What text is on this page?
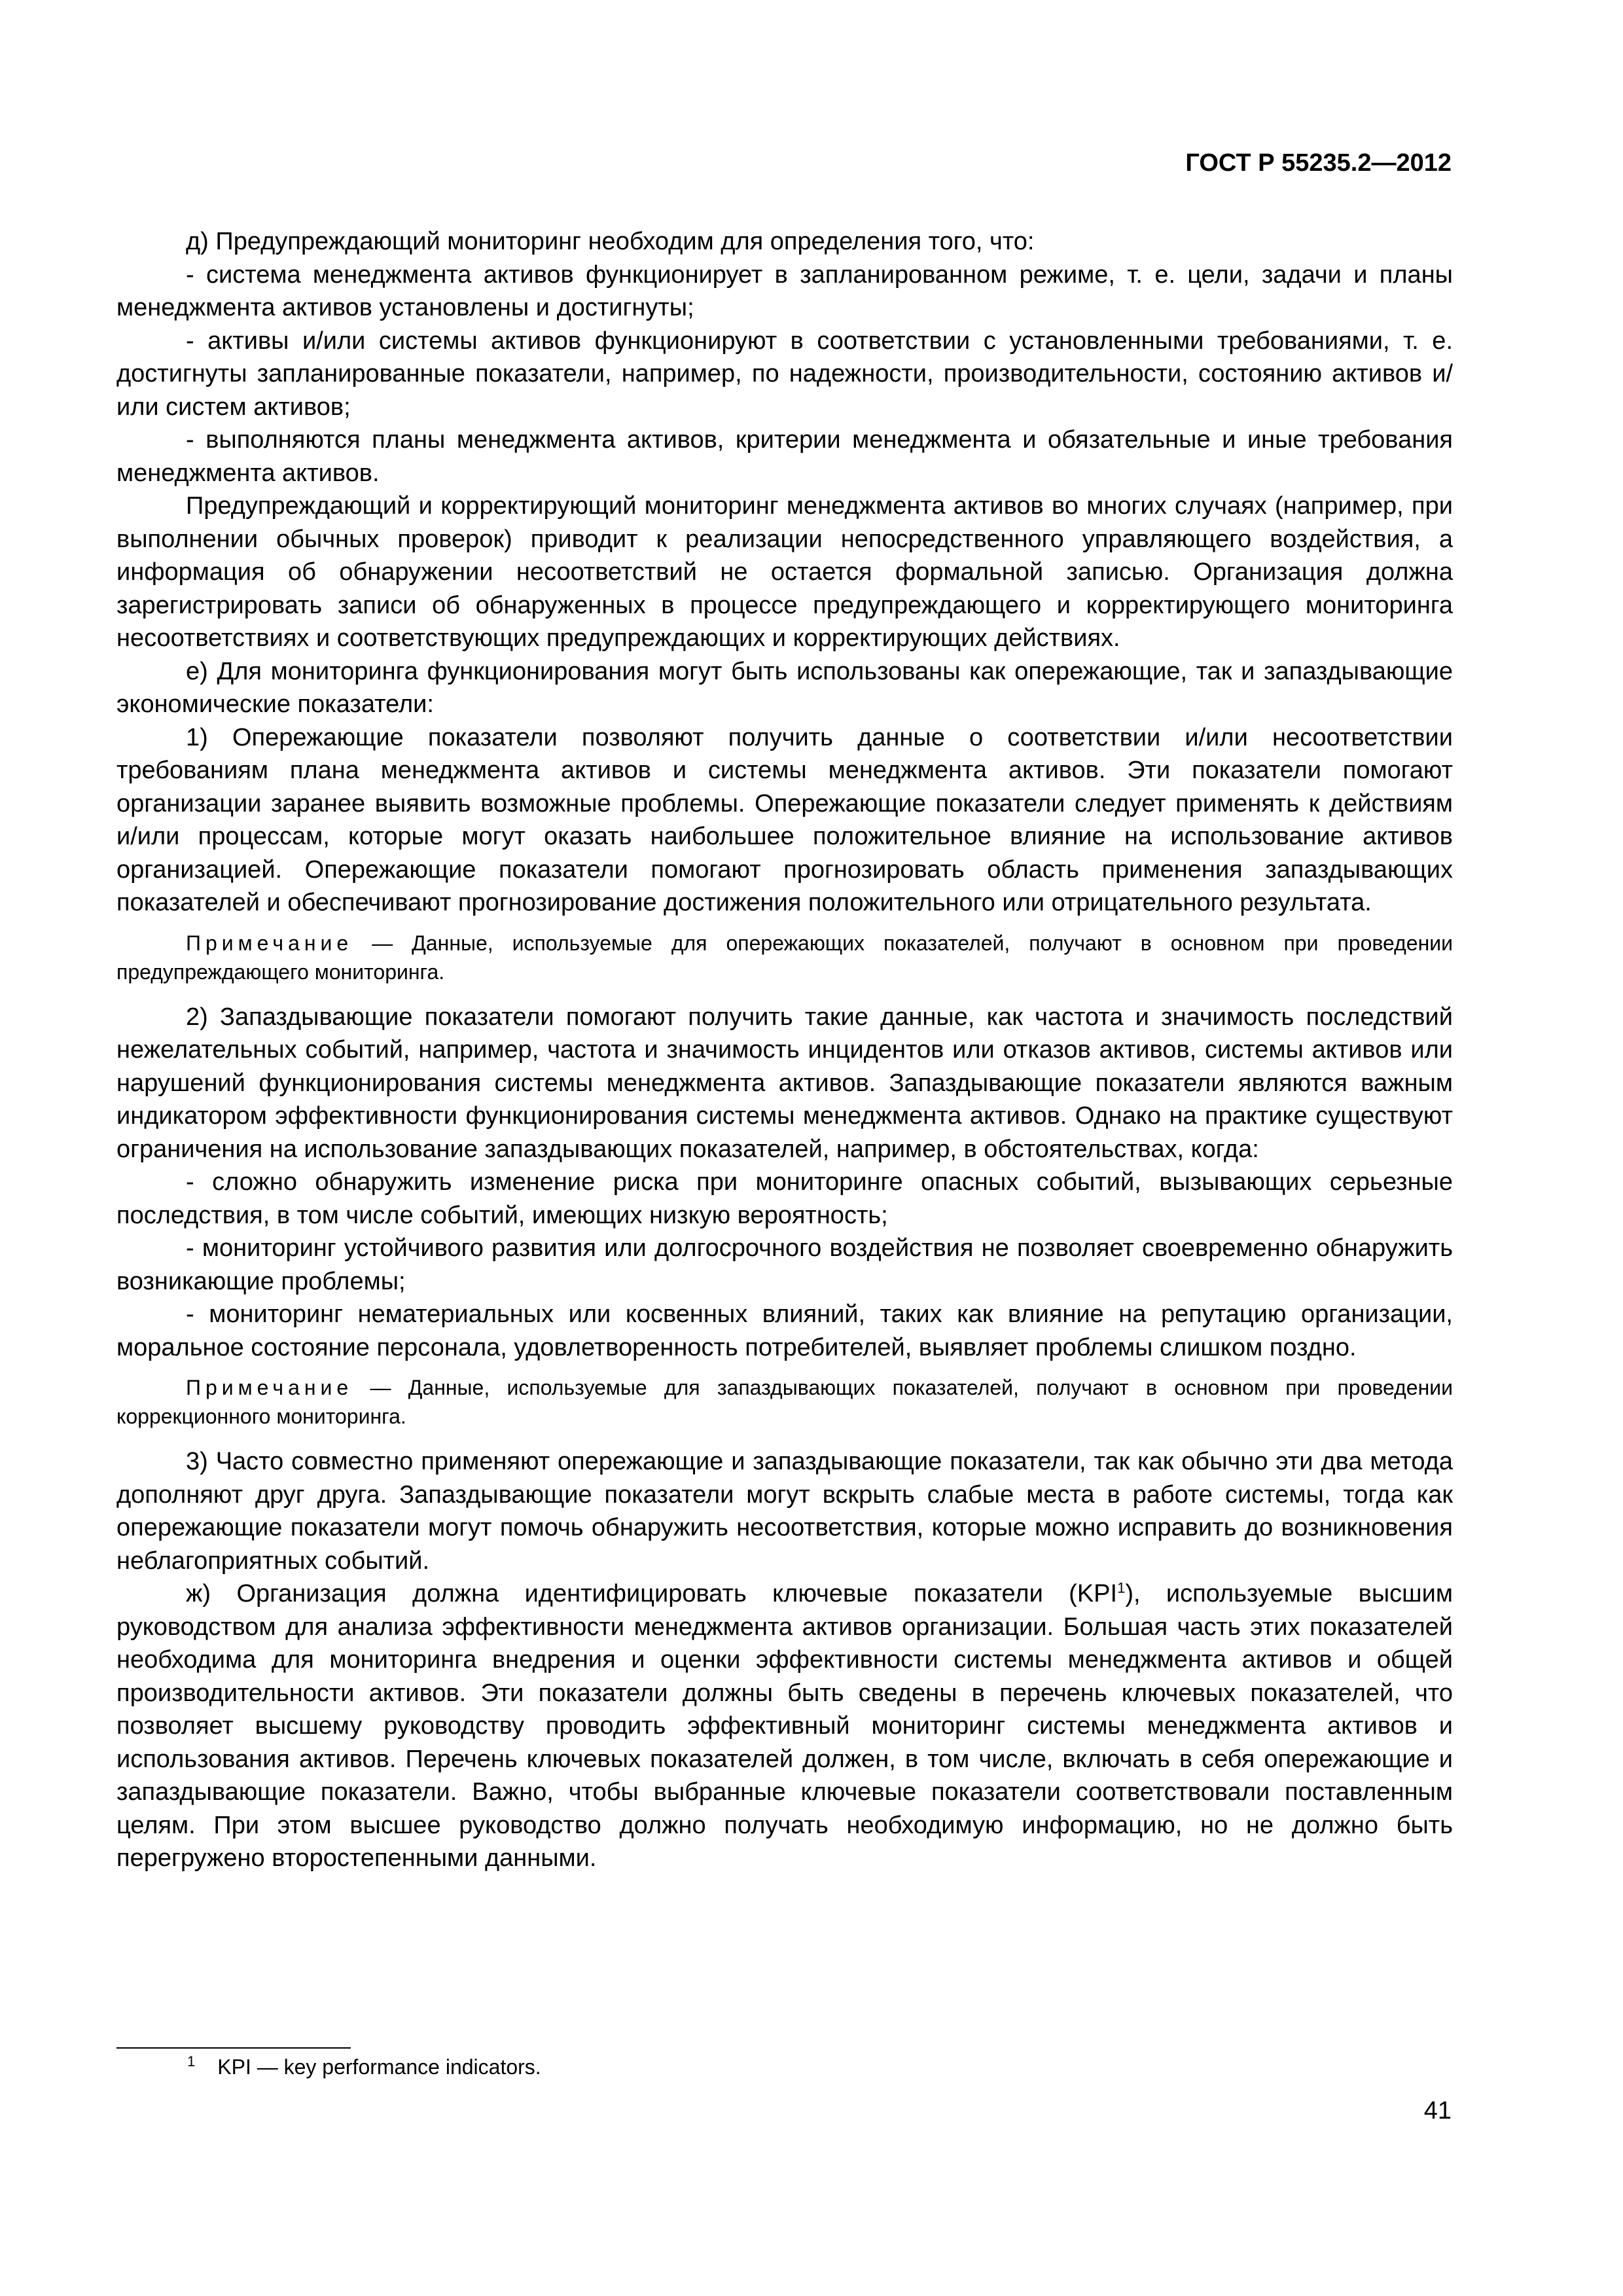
ГОСТ Р 55235.2—2012

д) Предупреждающий мониторинг необходим для определения того, что:

- система менеджмента активов функционирует в запланированном режиме, т. е. цели, задачи и планы менеджмента активов установлены и достигнуты;

- активы и/или системы активов функционируют в соответствии с установленными требованиями, т. е. достигнуты запланированные показатели, например, по надежности, производительности, состоянию активов и/или систем активов;

- выполняются планы менеджмента активов, критерии менеджмента и обязательные и иные требования менеджмента активов.

Предупреждающий и корректирующий мониторинг менеджмента активов во многих случаях (например, при выполнении обычных проверок) приводит к реализации непосредственного управляющего воздействия, а информация об обнаружении несоответствий не остается формальной записью. Организация должна зарегистрировать записи об обнаруженных в процессе предупреждающего и корректирующего мониторинга несоответствиях и соответствующих предупреждающих и корректирующих действиях.

е) Для мониторинга функционирования могут быть использованы как опережающие, так и запаздывающие экономические показатели:

1) Опережающие показатели позволяют получить данные о соответствии и/или несоответствии требованиям плана менеджмента активов и системы менеджмента активов. Эти показатели помогают организации заранее выявить возможные проблемы. Опережающие показатели следует применять к действиям и/или процессам, которые могут оказать наибольшее положительное влияние на использование активов организацией. Опережающие показатели помогают прогнозировать область применения запаздывающих показателей и обеспечивают прогнозирование достижения положительного или отрицательного результата.

Примечание — Данные, используемые для опережающих показателей, получают в основном при проведении предупреждающего мониторинга.

2) Запаздывающие показатели помогают получить такие данные, как частота и значимость последствий нежелательных событий, например, частота и значимость инцидентов или отказов активов, системы активов или нарушений функционирования системы менеджмента активов. Запаздывающие показатели являются важным индикатором эффективности функционирования системы менеджмента активов. Однако на практике существуют ограничения на использование запаздывающих показателей, например, в обстоятельствах, когда:

- сложно обнаружить изменение риска при мониторинге опасных событий, вызывающих серьезные последствия, в том числе событий, имеющих низкую вероятность;

- мониторинг устойчивого развития или долгосрочного воздействия не позволяет своевременно обнаружить возникающие проблемы;

- мониторинг нематериальных или косвенных влияний, таких как влияние на репутацию организации, моральное состояние персонала, удовлетворенность потребителей, выявляет проблемы слишком поздно.

Примечание — Данные, используемые для запаздывающих показателей, получают в основном при проведении коррекционного мониторинга.

3) Часто совместно применяют опережающие и запаздывающие показатели, так как обычно эти два метода дополняют друг друга. Запаздывающие показатели могут вскрыть слабые места в работе системы, тогда как опережающие показатели могут помочь обнаружить несоответствия, которые можно исправить до возникновения неблагоприятных событий.

ж) Организация должна идентифицировать ключевые показатели (KPI$^1$), используемые высшим руководством для анализа эффективности менеджмента активов организации. Большая часть этих показателей необходима для мониторинга внедрения и оценки эффективности системы менеджмента активов и общей производительности активов. Эти показатели должны быть сведены в перечень ключевых показателей, что позволяет высшему руководству проводить эффективный мониторинг системы менеджмента активов и использования активов. Перечень ключевых показателей должен, в том числе, включать в себя опережающие и запаздывающие показатели. Важно, чтобы выбранные ключевые показатели соответствовали поставленным целям. При этом высшее руководство должно получать необходимую информацию, но не должно быть перегружено второстепенными данными.

$^1$ KPI — key performance indicators.
41
